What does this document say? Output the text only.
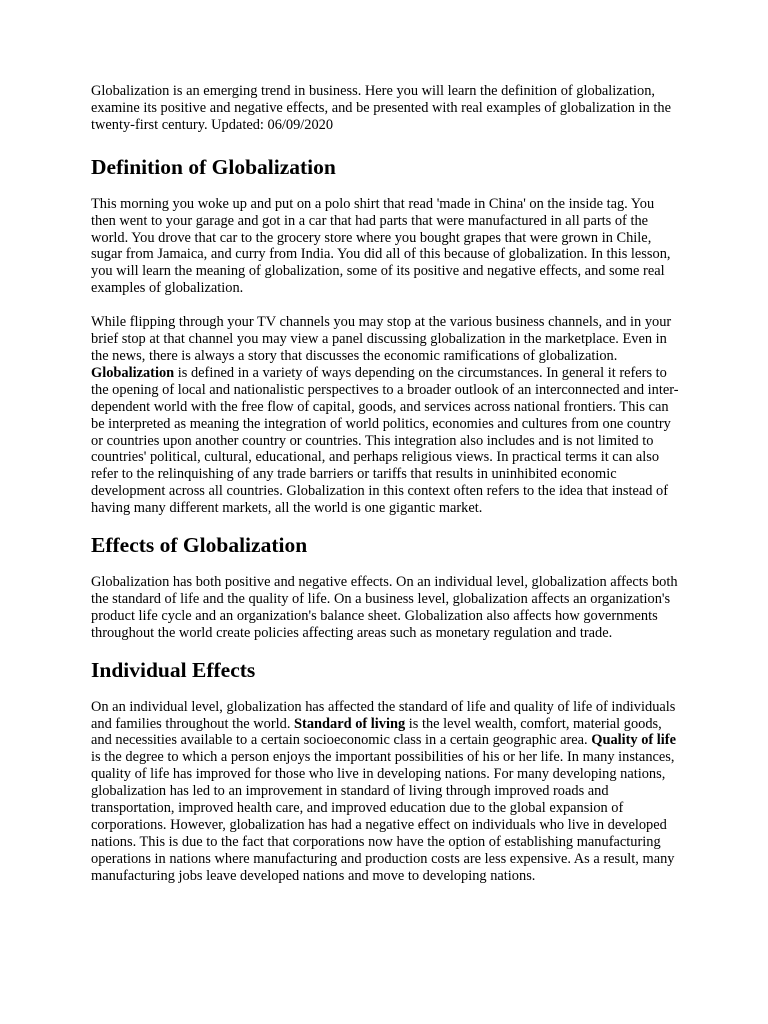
Globalization is an emerging trend in business. Here you will learn the definition of globalization, examine its positive and negative effects, and be presented with real examples of globalization in the twenty-first century. Updated: 06/09/2020

Definition of Globalization

This morning you woke up and put on a polo shirt that read 'made in China' on the inside tag. You then went to your garage and got in a car that had parts that were manufactured in all parts of the world. You drove that car to the grocery store where you bought grapes that were grown in Chile, sugar from Jamaica, and curry from India. You did all of this because of globalization. In this lesson, you will learn the meaning of globalization, some of its positive and negative effects, and some real examples of globalization.

While flipping through your TV channels you may stop at the various business channels, and in your brief stop at that channel you may view a panel discussing globalization in the marketplace. Even in the news, there is always a story that discusses the economic ramifications of globalization. Globalization is defined in a variety of ways depending on the circumstances. In general it refers to the opening of local and nationalistic perspectives to a broader outlook of an interconnected and inter-dependent world with the free flow of capital, goods, and services across national frontiers. This can be interpreted as meaning the integration of world politics, economies and cultures from one country or countries upon another country or countries. This integration also includes and is not limited to countries' political, cultural, educational, and perhaps religious views. In practical terms it can also refer to the relinquishing of any trade barriers or tariffs that results in uninhibited economic development across all countries. Globalization in this context often refers to the idea that instead of having many different markets, all the world is one gigantic market.

Effects of Globalization

Globalization has both positive and negative effects. On an individual level, globalization affects both the standard of life and the quality of life. On a business level, globalization affects an organization's product life cycle and an organization's balance sheet. Globalization also affects how governments throughout the world create policies affecting areas such as monetary regulation and trade.

Individual Effects

On an individual level, globalization has affected the standard of life and quality of life of individuals and families throughout the world. Standard of living is the level wealth, comfort, material goods, and necessities available to a certain socioeconomic class in a certain geographic area. Quality of life is the degree to which a person enjoys the important possibilities of his or her life. In many instances, quality of life has improved for those who live in developing nations. For many developing nations, globalization has led to an improvement in standard of living through improved roads and transportation, improved health care, and improved education due to the global expansion of corporations. However, globalization has had a negative effect on individuals who live in developed nations. This is due to the fact that corporations now have the option of establishing manufacturing operations in nations where manufacturing and production costs are less expensive. As a result, many manufacturing jobs leave developed nations and move to developing nations.
